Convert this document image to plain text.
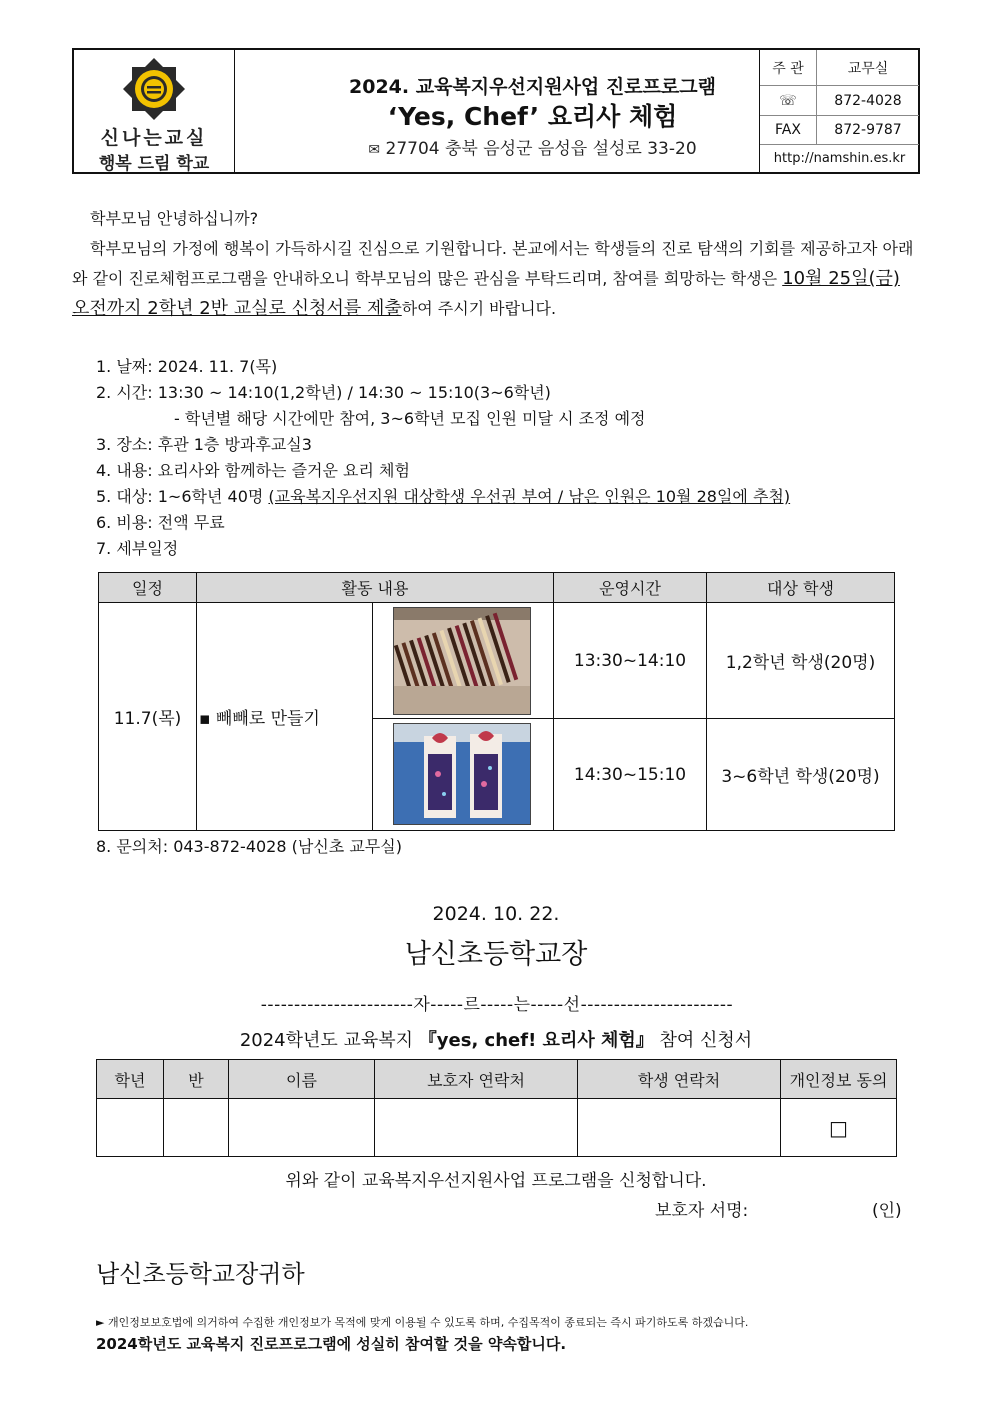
신나는교실
행복 드림 학교
2024. 교육복지우선지원사업 진로프로그램
‘Yes, Chef’ 요리사 체험
✉ 27704 충북 음성군 음성읍 설성로 33-20
주 관	교무실
☏	872-4028
FAX	872-9787
http://namshin.es.kr	
학부모님 안녕하십니까?
학부모님의 가정에 행복이 가득하시길 진심으로 기원합니다. 본교에서는 학생들의 진로 탐색의 기회를 제공하고자 아래와 같이 진로체험프로그램을 안내하오니 학부모님의 많은 관심을 부탁드리며, 참여를 희망하는 학생은 10월 25일(금) 오전까지 2학년 2반 교실로 신청서를 제출하여 주시기 바랍니다.
1. 날짜: 2024. 11. 7(목)
2. 시간: 13:30 ~ 14:10(1,2학년) / 14:30 ~ 15:10(3~6학년)
- 학년별 해당 시간에만 참여, 3~6학년 모집 인원 미달 시 조정 예정
3. 장소: 후관 1층 방과후교실3
4. 내용: 요리사와 함께하는 즐거운 요리 체험
5. 대상: 1~6학년 40명 (교육복지우선지원 대상학생 우선권 부여 / 남은 인원은 10월 28일에 추첨)
6. 비용: 전액 무료
7. 세부일정
일정	활동 내용		운영시간	대상 학생
11.7(목)	▪ 빼빼로 만들기		13:30~14:10	1,2학년 학생(20명)

	14:30~15:10	3~6학년 학생(20명)
8. 문의처: 043-872-4028 (남신초 교무실)
2024. 10. 22.
남신초등학교장
-----------------------자-----르-----는-----선-----------------------
2024학년도 교육복지 『yes, chef! 요리사 체험』 참여 신청서
학년	반	이름	보호자 연락처	학생 연락처	개인정보 동의
					□
위와 같이 교육복지우선지원사업 프로그램을 신청합니다.
보호자 서명:	(인)
남신초등학교장귀하
► 개인정보보호법에 의거하여 수집한 개인정보가 목적에 맞게 이용될 수 있도록 하며, 수집목적이 종료되는 즉시 파기하도록 하겠습니다.
2024학년도 교육복지 진로프로그램에 성실히 참여할 것을 약속합니다.
